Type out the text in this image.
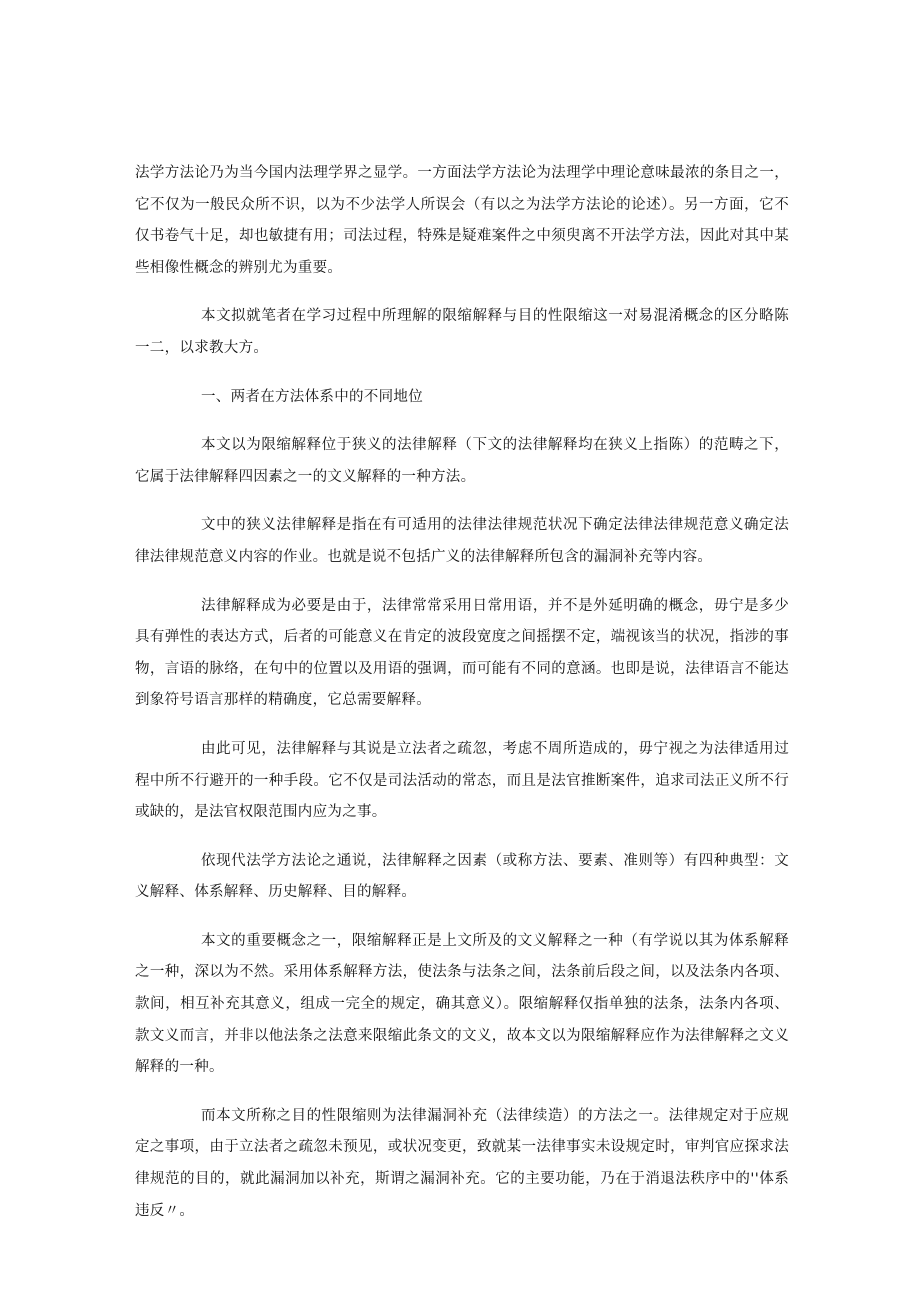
法学方法论乃为当今国内法理学界之显学。一方面法学方法论为法理学中理论意味最浓的条目之一，它不仅为一般民众所不识，以为不少法学人所误会（有以之为法学方法论的论述）。另一方面，它不仅书卷气十足，却也敏捷有用；司法过程，特殊是疑难案件之中须臾离不开法学方法，因此对其中某些相像性概念的辨别尤为重要。

本文拟就笔者在学习过程中所理解的限缩解释与目的性限缩这一对易混淆概念的区分略陈一二，以求教大方。

一、两者在方法体系中的不同地位

本文以为限缩解释位于狭义的法律解释（下文的法律解释均在狭义上指陈）的范畴之下，它属于法律解释四因素之一的文义解释的一种方法。

文中的狭义法律解释是指在有可适用的法律法律规范状况下确定法律法律规范意义确定法律法律规范意义内容的作业。也就是说不包括广义的法律解释所包含的漏洞补充等内容。

法律解释成为必要是由于，法律常常采用日常用语，并不是外延明确的概念，毋宁是多少具有弹性的表达方式，后者的可能意义在肯定的波段宽度之间摇摆不定，端视该当的状况，指涉的事物，言语的脉络，在句中的位置以及用语的强调，而可能有不同的意涵。也即是说，法律语言不能达到象符号语言那样的精确度，它总需要解释。

由此可见，法律解释与其说是立法者之疏忽，考虑不周所造成的，毋宁视之为法律适用过程中所不行避开的一种手段。它不仅是司法活动的常态，而且是法官推断案件，追求司法正义所不行或缺的，是法官权限范围内应为之事。

依现代法学方法论之通说，法律解释之因素（或称方法、要素、准则等）有四种典型：文义解释、体系解释、历史解释、目的解释。

本文的重要概念之一，限缩解释正是上文所及的文义解释之一种（有学说以其为体系解释之一种，深以为不然。采用体系解释方法，使法条与法条之间，法条前后段之间，以及法条内各项、款间，相互补充其意义，组成一完全的规定，确其意义）。限缩解释仅指单独的法条，法条内各项、款文义而言，并非以他法条之法意来限缩此条文的文义，故本文以为限缩解释应作为法律解释之文义解释的一种。

而本文所称之目的性限缩则为法律漏洞补充（法律续造）的方法之一。法律规定对于应规定之事项，由于立法者之疏忽未预见，或状况变更，致就某一法律事实未设规定时，审判官应探求法律规范的目的，就此漏洞加以补充，斯谓之漏洞补充。它的主要功能，乃在于消退法秩序中的''体系违反〃。
